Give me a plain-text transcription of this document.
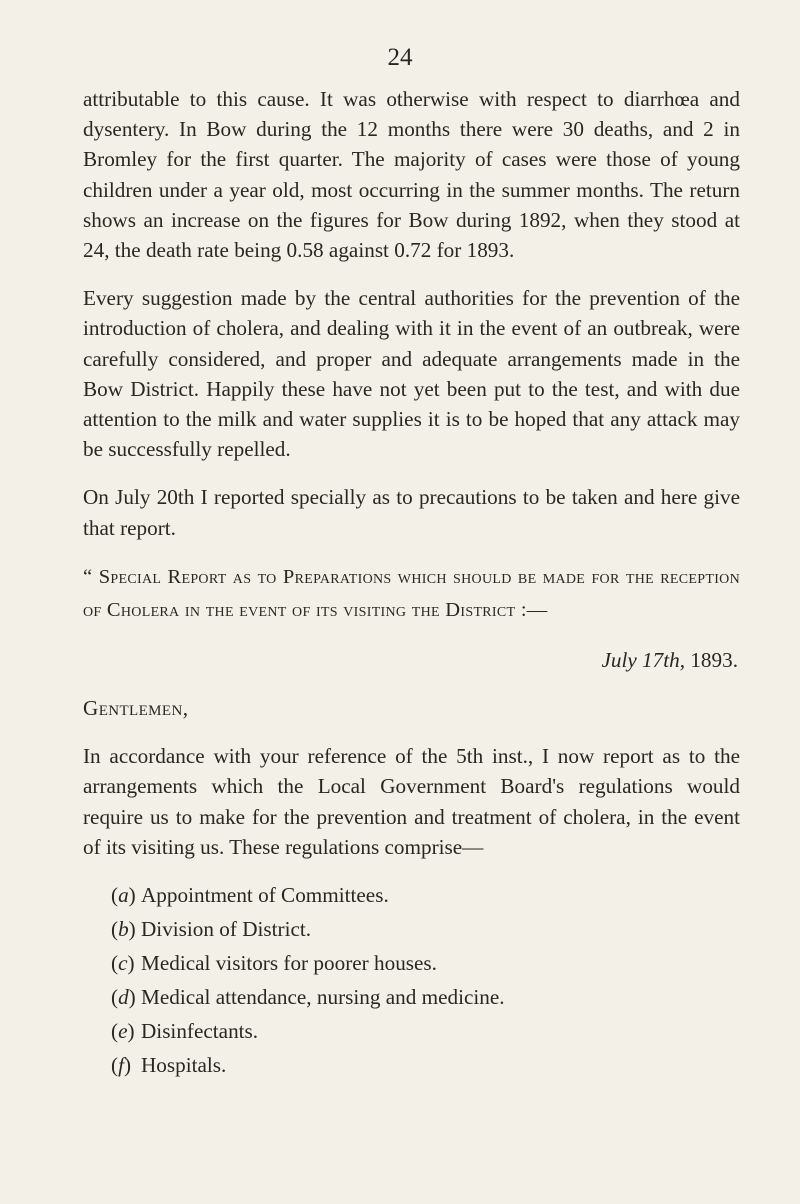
24

attributable to this cause. It was otherwise with respect to diarrhœa and dysentery. In Bow during the 12 months there were 30 deaths, and 2 in Bromley for the first quarter. The majority of cases were those of young children under a year old, most occurring in the summer months. The return shows an increase on the figures for Bow during 1892, when they stood at 24, the death rate being 0.58 against 0.72 for 1893.

Every suggestion made by the central authorities for the prevention of the introduction of cholera, and dealing with it in the event of an outbreak, were carefully considered, and proper and adequate arrangements made in the Bow District. Happily these have not yet been put to the test, and with due attention to the milk and water supplies it is to be hoped that any attack may be successfully repelled.

On July 20th I reported specially as to precautions to be taken and here give that report.

“ Special Report as to Preparations which should be made for the reception of Cholera in the event of its visiting the District :—

July 17th, 1893.

Gentlemen,

In accordance with your reference of the 5th inst., I now report as to the arrangements which the Local Government Board's regulations would require us to make for the prevention and treatment of cholera, in the event of its visiting us. These regulations comprise—

(a) Appointment of Committees.
(b) Division of District.
(c) Medical visitors for poorer houses.
(d) Medical attendance, nursing and medicine.
(e) Disinfectants.
(f) Hospitals.
